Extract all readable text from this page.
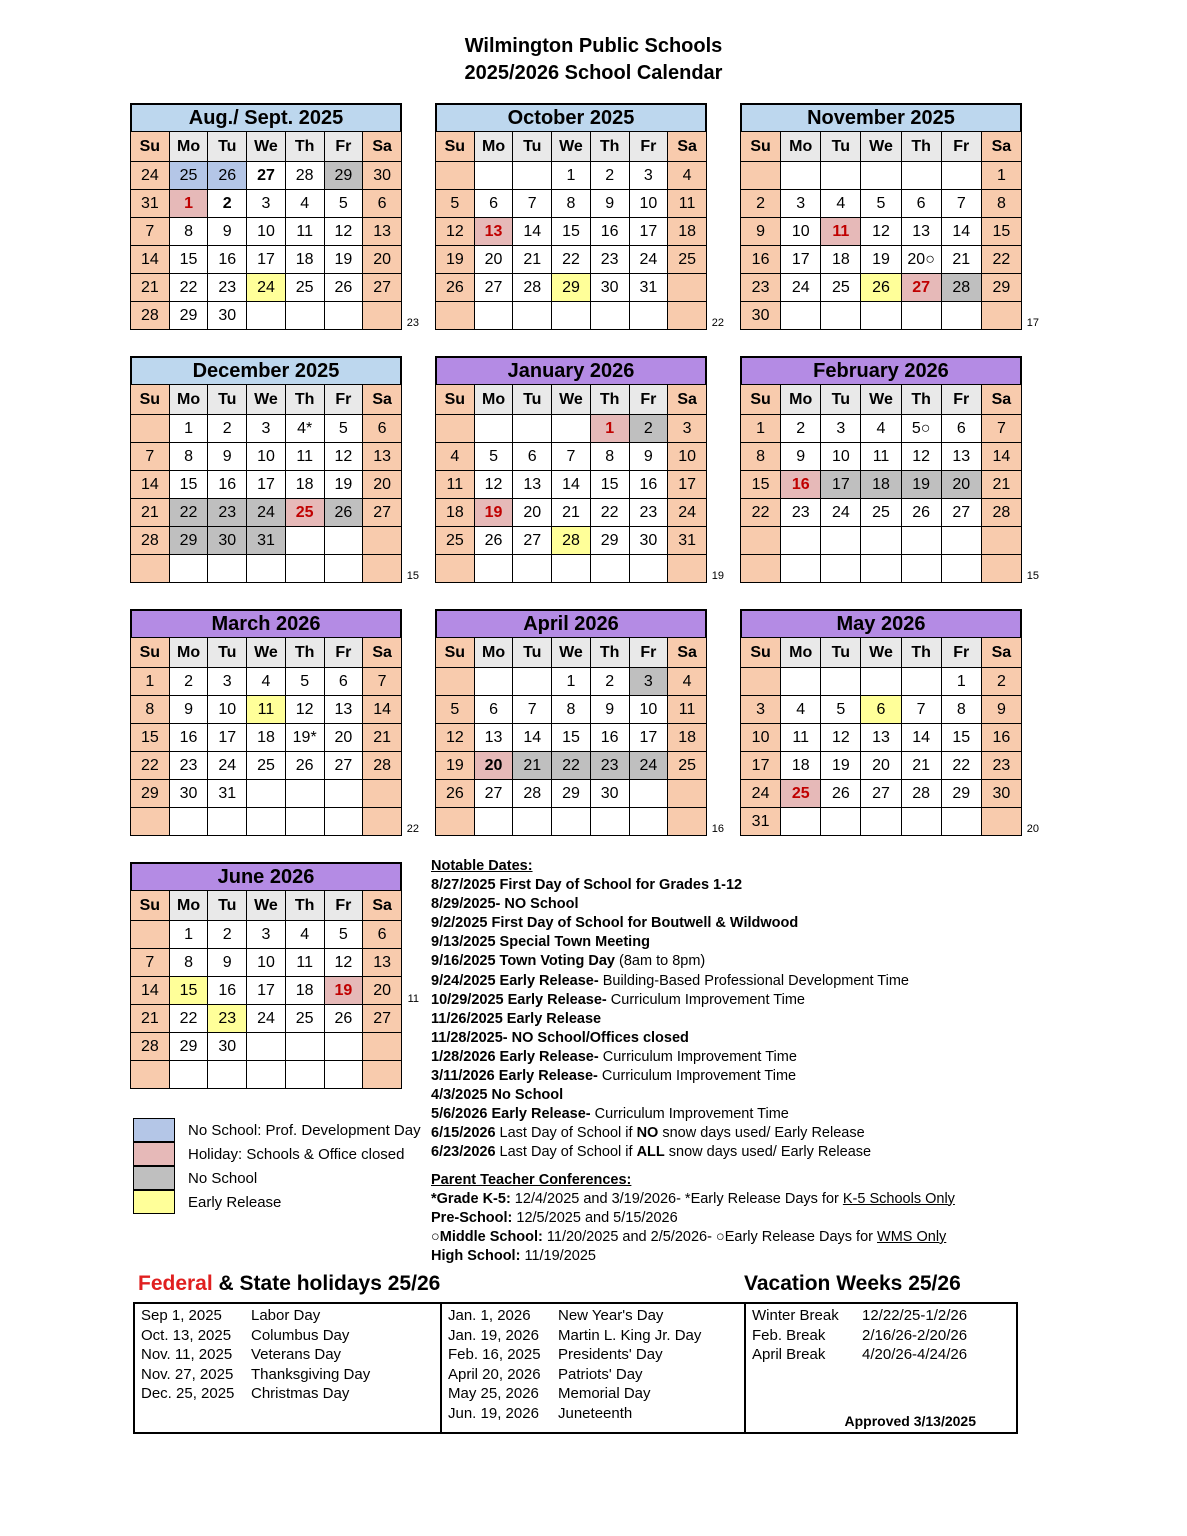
Wilmington Public Schools
2025/2026 School Calendar
Aug./ Sept. 2025
Su	Mo	Tu	We	Th	Fr	Sa
24	25	26	27	28	29	30
31	1	2	3	4	5	6
7	8	9	10	11	12	13
14	15	16	17	18	19	20
21	22	23	24	25	26	27
28	29	30					23
October 2025
Su	Mo	Tu	We	Th	Fr	Sa
			1	2	3	4
5	6	7	8	9	10	11
12	13	14	15	16	17	18
19	20	21	22	23	24	25
26	27	28	29	30	31	

22
November 2025
Su	Mo	Tu	We	Th	Fr	Sa
						1
2	3	4	5	6	7	8
9	10	11	12	13	14	15
16	17	18	19	20○	21	22
23	24	25	26	27	28	29
30							17
December 2025
Su	Mo	Tu	We	Th	Fr	Sa
	1	2	3	4*	5	6
7	8	9	10	11	12	13
14	15	16	17	18	19	20
21	22	23	24	25	26	27
28	29	30	31			

15
January 2026
Su	Mo	Tu	We	Th	Fr	Sa
				1	2	3
4	5	6	7	8	9	10
11	12	13	14	15	16	17
18	19	20	21	22	23	24
25	26	27	28	29	30	31

19
February 2026
Su	Mo	Tu	We	Th	Fr	Sa
1	2	3	4	5○	6	7
8	9	10	11	12	13	14
15	16	17	18	19	20	21
22	23	24	25	26	27	28

15
March 2026
Su	Mo	Tu	We	Th	Fr	Sa
1	2	3	4	5	6	7
8	9	10	11	12	13	14
15	16	17	18	19*	20	21
22	23	24	25	26	27	28
29	30	31				

22
April 2026
Su	Mo	Tu	We	Th	Fr	Sa
			1	2	3	4
5	6	7	8	9	10	11
12	13	14	15	16	17	18
19	20	21	22	23	24	25
26	27	28	29	30		

16
May 2026
Su	Mo	Tu	We	Th	Fr	Sa
					1	2
3	4	5	6	7	8	9
10	11	12	13	14	15	16
17	18	19	20	21	22	23
24	25	26	27	28	29	30
31							20
June 2026
Su	Mo	Tu	We	Th	Fr	Sa
	1	2	3	4	5	6
7	8	9	10	11	12	13
14	15	16	17	18	19	20
21	22	23	24	25	26	27
28	29	30				

11
No School: Prof. Development Day
Holiday: Schools & Office closed
No School
Early Release
Notable Dates:
8/27/2025 First Day of School for Grades 1-12
8/29/2025- NO School
9/2/2025 First Day of School for Boutwell & Wildwood
9/13/2025 Special Town Meeting
9/16/2025 Town Voting Day (8am to 8pm)
9/24/2025 Early Release- Building-Based Professional Development Time
10/29/2025 Early Release- Curriculum Improvement Time
11/26/2025 Early Release
11/28/2025- NO School/Offices closed
1/28/2026 Early Release- Curriculum Improvement Time
3/11/2026 Early Release- Curriculum Improvement Time
4/3/2025 No School
5/6/2026 Early Release- Curriculum Improvement Time
6/15/2026 Last Day of School if NO snow days used/ Early Release
6/23/2026 Last Day of School if ALL snow days used/ Early Release
Parent Teacher Conferences:
*Grade K-5: 12/4/2025 and 3/19/2026- *Early Release Days for K-5 Schools Only
Pre-School: 12/5/2025 and 5/15/2026
○Middle School: 11/20/2025 and 2/5/2026- ○Early Release Days for WMS Only
High School: 11/19/2025
Federal & State holidays 25/26	Vacation Weeks 25/26
Sep 1, 2025	Labor Day
Oct. 13, 2025	Columbus Day
Nov. 11, 2025	Veterans Day
Nov. 27, 2025	Thanksgiving Day
Dec. 25, 2025	Christmas Day
Jan. 1, 2026	New Year's Day
Jan. 19, 2026	Martin L. King Jr. Day
Feb. 16, 2025	Presidents' Day
April 20, 2026	Patriots' Day
May 25, 2026	Memorial Day
Jun. 19, 2026	Juneteenth
Winter Break	12/22/25-1/2/26
Feb. Break	2/16/26-2/20/26
April Break	4/20/26-4/24/26
Approved 3/13/2025
